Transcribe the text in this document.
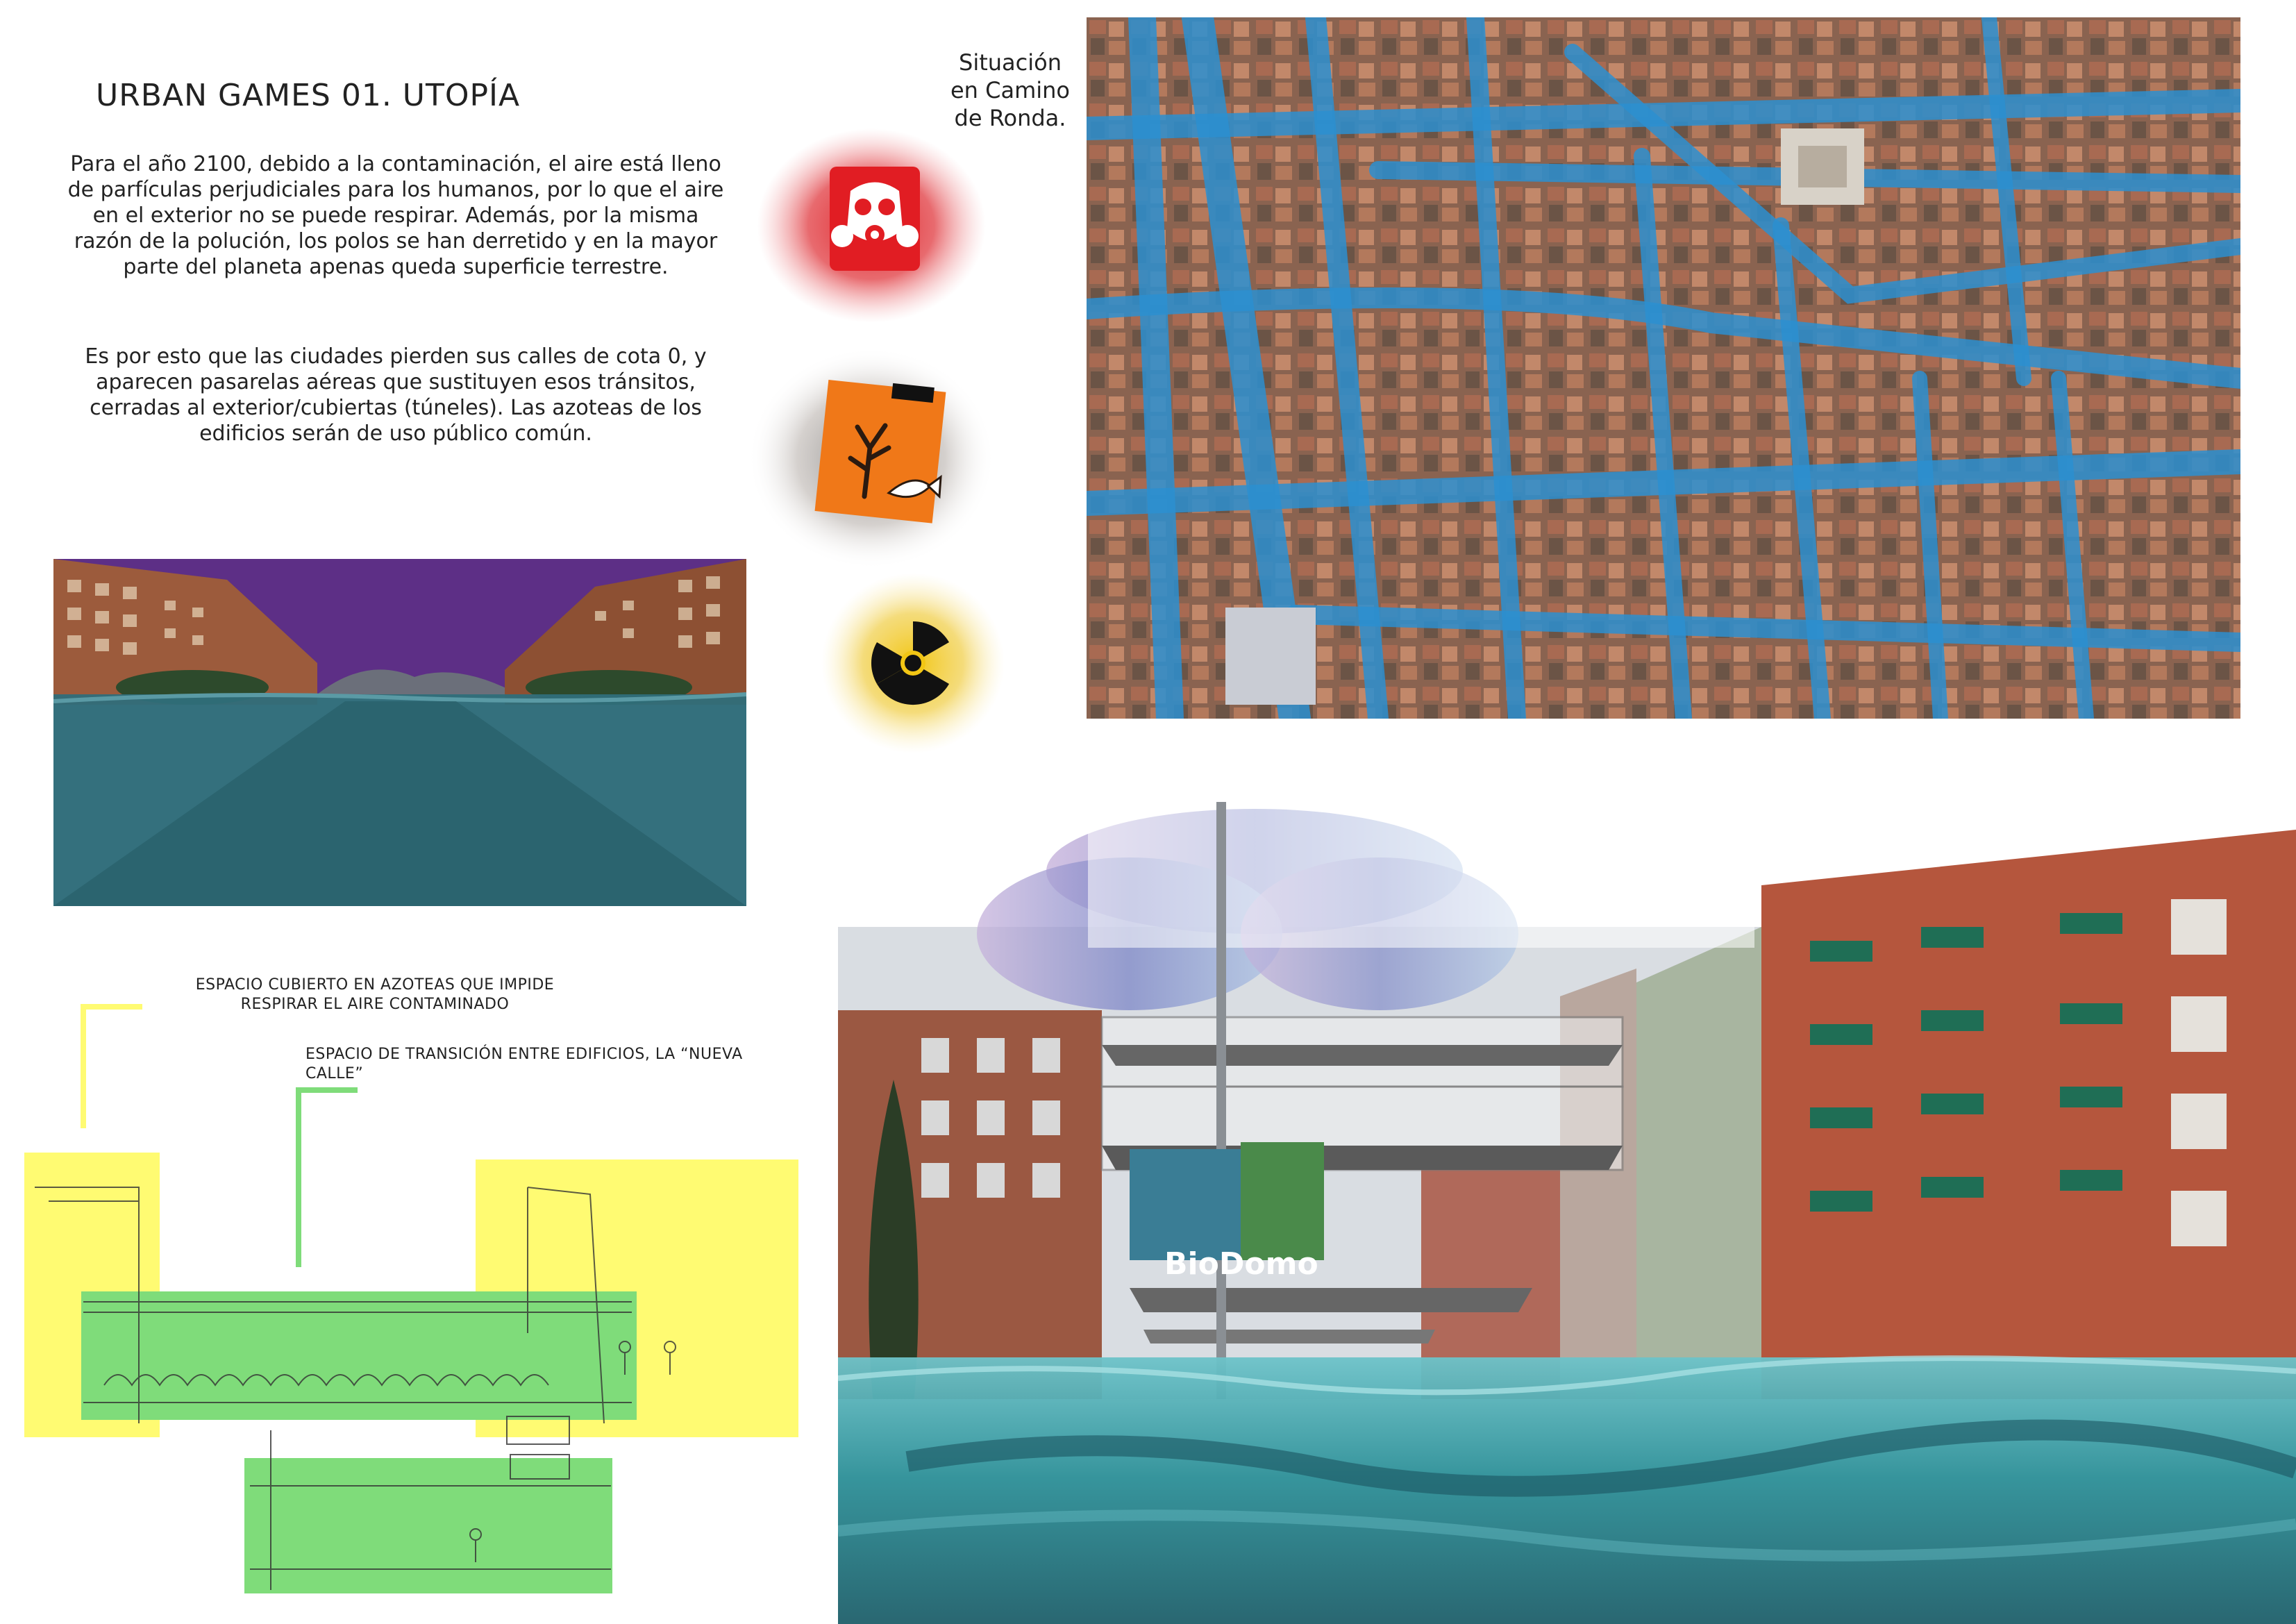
URBAN GAMES 01. UTOPÍA
Para el año 2100, debido a la contaminación, el aire está lleno de parfículas perjudiciales para los humanos, por lo que el aire en el exterior no se puede respirar. Además, por la misma razón de la polución, los polos se han derretido y en la mayor parte del planeta apenas queda superficie terrestre.
Es por esto que las ciudades pierden sus calles de cota 0, y aparecen pasarelas aéreas que sustituyen esos tránsitos, cerradas al exterior/cubiertas (túneles). Las azoteas de los edificios serán de uso público común.
Situación en Camino de Ronda.
BioDomo
ESPACIO CUBIERTO EN AZOTEAS QUE IMPIDE RESPIRAR EL AIRE CONTAMINADO
ESPACIO DE TRANSICIÓN ENTRE EDIFICIOS, LA “NUEVA CALLE”
